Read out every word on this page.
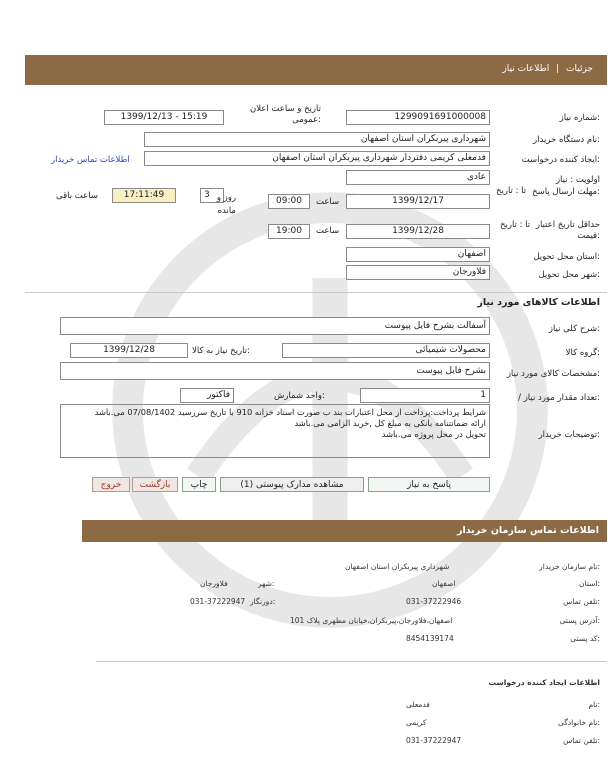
جزئیات | اطلاعات نیاز
شماره نیاز:
1299091691000008
تاریخ و ساعت اعلان عمومی:
1399/12/13 - 15:19
نام دستگاه خریدار:
شهرداری پیربکران استان اصفهان
ایجاد کننده درخواست:
فدمعلی کریمی دفتردار شهرداری پیربکران استان اصفهان
اطلاعات تماس خریدار
اولویت : نیاز
عادی
مهلت ارسال پاسخ:
تا : تاریخ
1399/12/17
ساعت
09:00
3 روز و
مانده
17:11:49
ساعت باقی
حداقل تاریخ اعتبار قیمت:
تا : تاریخ
1399/12/28
ساعت
19:00
استان محل تحویل:
اصفهان
شهر محل تحویل:
فلاورجان
اطلاعات کالاهای مورد نیاز
شرح کلی نیاز:
آسفالت بشرح فایل پیوست
گروه کالا:
محصولات شیمیائی
تاریخ نیاز به کالا:
1399/12/28
مشخصات کالای مورد نیاز:
بشرح فایل پیوست
/ تعداد مقدار مورد نیاز:
1
واحد شمارش:
فاکتور
توضیحات خریدار:
شرایط پرداخت:پرداخت از محل اعتبارات بند ب صورت اسناد خزانه 910 با تاریخ سررسید 07/08/1402 می.باشد
ارائه ضمانتنامه بانکی به مبلغ کل ,خرید الزامی می.باشد
تحویل در محل پروژه می.باشد
پاسخ به نیاز
مشاهده مدارک پیوستی (1)
چاپ
بازگشت
خروج
اطلاعات تماس سازمان خریدار
نام سازمان خریدار:
شهرداری پیربکران استان اصفهان
استان:
اصفهان
شهر:
فلاورجان
تلفن تماس:
031-37222946
دورنگار:
031-37222947
آدرس پستی:
اصفهان،فلاورجان،پیربکران،خیابان مطهری پلاک 101
کد پستی:
8454139174
اطلاعات ایجاد کننده درخواست
نام:
فدمعلی
نام خانوادگی:
کریمی
تلفن تماس:
031-37222947
